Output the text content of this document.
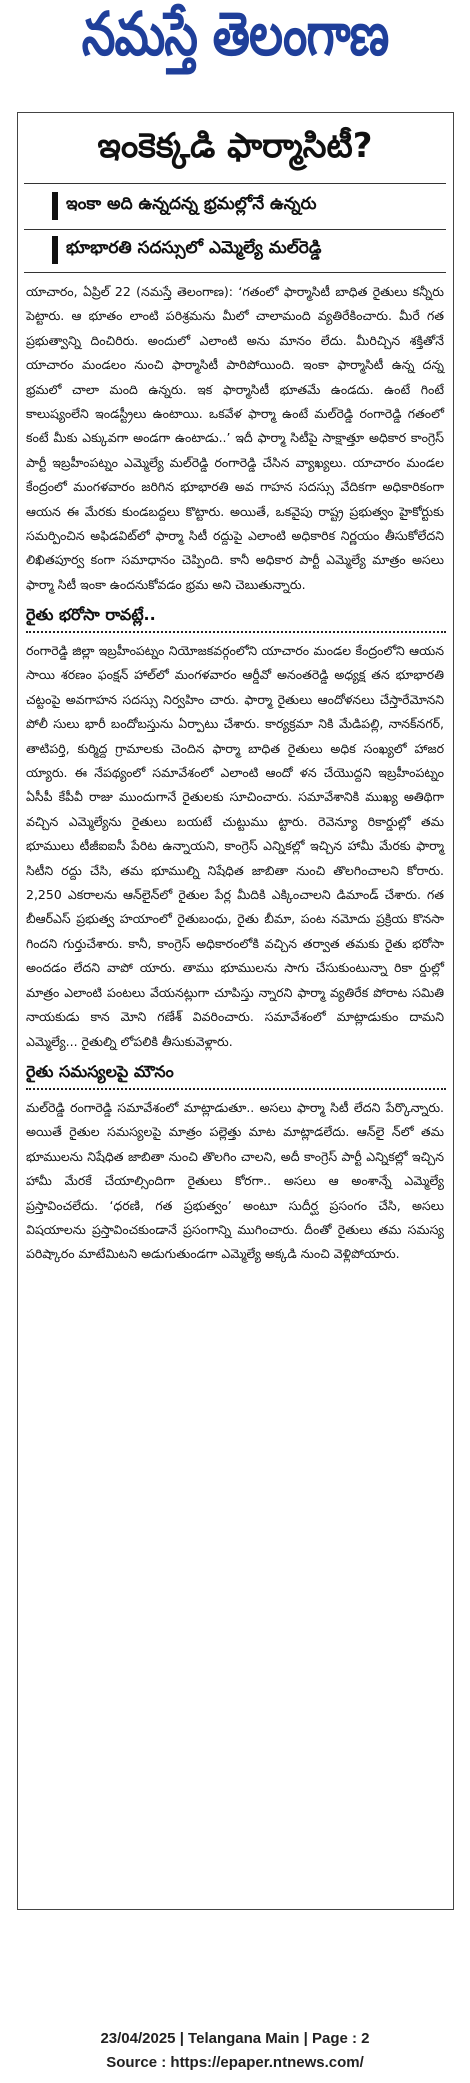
నమస్తే తెలంగాణ
ఇంకెక్కడి ఫార్మాసిటీ?
ఇంకా అది ఉన్నదన్న భ్రమల్లోనే ఉన్నరు
భూభారతి సదస్సులో ఎమ్మెల్యే మల్‌రెడ్డి
యాచారం, ఏప్రిల్ 22 (నమస్తే తెలంగాణ): ‘గతంలో ఫార్మాసిటీ బాధిత రైతులు కన్నీరు పెట్టారు. ఆ భూతం లాంటి పరిశ్రమను మీలో చాలామంది వ్యతిరేకించారు. మీరే గత ప్రభుత్వాన్ని దించిరిరు. అందులో ఎలాంటి అను మానం లేదు. మీరిచ్చిన శక్తితోనే యాచారం మండలం నుంచి ఫార్మాసిటీ పారిపోయింది. ఇంకా ఫార్మాసిటీ ఉన్న దన్న భ్రమలో చాలా మంది ఉన్నరు. ఇక ఫార్మాసిటీ భూతమే ఉండదు. ఉంటే గింటే కాలుష్యంలేని ఇండస్ట్రీలు ఉంటాయి. ఒకవేళ ఫార్మా ఉంటే మల్‌రెడ్డి రంగారెడ్డి గతంలో కంటే మీకు ఎక్కువగా అండగా ఉంటాడు..’ ఇదీ ఫార్మా సిటీపై సాక్షాత్తూ అధికార కాంగ్రెస్ పార్టీ ఇబ్రహీంపట్నం ఎమ్మెల్యే మల్‌రెడ్డి రంగారెడ్డి చేసిన వ్యాఖ్యలు. యాచారం మండల కేంద్రంలో మంగళవారం జరిగిన భూభారతి అవ గాహన సదస్సు వేదికగా అధికారికంగా ఆయన ఈ మేరకు కుండబద్దలు కొట్టారు. అయితే, ఒకవైపు రాష్ట్ర ప్రభుత్వం హైకోర్టుకు సమర్పించిన అఫిడవిట్‌లో ఫార్మా సిటీ రద్దుపై ఎలాంటి అధికారిక నిర్ణయం తీసుకోలేదని లిఖితపూర్వ కంగా సమాధానం చెప్పింది. కానీ అధికార పార్టీ ఎమ్మెల్యే మాత్రం అసలు ఫార్మా సిటీ ఇంకా ఉందనుకోవడం భ్రమ అని చెబుతున్నారు.
రైతు భరోసా రావట్లే..
రంగారెడ్డి జిల్లా ఇబ్రహీంపట్నం నియోజకవర్గంలోని యాచారం మండల కేంద్రంలోని ఆయన సాయి శరణం ఫంక్షన్ హాల్‌లో మంగళవారం ఆర్డీవో అనంతరెడ్డి అధ్యక్ష తన భూభారతి చట్టంపై అవగాహన సదస్సు నిర్వహిం చారు. ఫార్మా రైతులు ఆందోళనలు చేస్తారేమోనని పోలీ సులు భారీ బందోబస్తును ఏర్పాటు చేశారు. కార్యక్రమా నికి మేడిపల్లి, నానక్‌నగర్, తాటిపర్తి, కుర్మిద్ద గ్రామాలకు చెందిన ఫార్మా బాధిత రైతులు అధిక సంఖ్యలో హాజర య్యారు. ఈ నేపథ్యంలో సమావేశంలో ఎలాంటి ఆందో ళన చేయొద్దని ఇబ్రహీంపట్నం ఏసీపీ కేపీవీ రాజు ముందుగానే రైతులకు సూచించారు. సమావేశానికి ముఖ్య అతిథిగా వచ్చిన ఎమ్మెల్యేను రైతులు బయటే చుట్టుము ట్టారు. రెవెన్యూ రికార్డుల్లో తమ భూములు టీజీఐఐసీ పేరిట ఉన్నాయని, కాంగ్రెస్ ఎన్నికల్లో ఇచ్చిన హామీ మేరకు ఫార్మా సిటీని రద్దు చేసి, తమ భూముల్ని నిషేధిత జాబితా నుంచి తొలగించాలని కోరారు. 2,250 ఎకరాలను ఆన్‌లైన్‌లో రైతుల పేర్ల మీదికి ఎక్కించాలని డిమాండ్ చేశారు. గత బీఆర్ఎస్ ప్రభుత్వ హయాంలో రైతుబంధు, రైతు బీమా, పంట నమోదు ప్రక్రియ కొనసా గిందని గుర్తుచేశారు. కానీ, కాంగ్రెస్ అధికారంలోకి వచ్చిన తర్వాత తమకు రైతు భరోసా అందడం లేదని వాపో యారు. తాము భూములను సాగు చేసుకుంటున్నా రికా ర్డుల్లో మాత్రం ఎలాంటి పంటలు వేయనట్లుగా చూపిస్తు న్నారని ఫార్మా వ్యతిరేక పోరాట సమితి నాయకుడు కాన మోని గణేశ్ వివరించారు. సమావేశంలో మాట్లాడుకుం దామని ఎమ్మెల్యే... రైతుల్ని లోపలికి తీసుకువెళ్లారు.
రైతు సమస్యలపై మౌనం
23/04/2025 | Telangana Main | Page : 2
Source : https://epaper.ntnews.com/
మల్‌రెడ్డి రంగారెడ్డి సమావేశంలో మాట్లాడుతూ.. అసలు ఫార్మా సిటీ లేదని పేర్కొన్నారు. అయితే రైతుల సమస్యలపై మాత్రం పల్లెత్తు మాట మాట్లాడలేదు. ఆన్‌లై న్‌లో తమ భూములను నిషేధిత జాబితా నుంచి తొలగిం చాలని, అదీ కాంగ్రెస్ పార్టీ ఎన్నికల్లో ఇచ్చిన హామీ మేరకే చేయాల్సిందిగా రైతులు కోరగా.. అసలు ఆ అంశాన్నే ఎమ్మెల్యే ప్రస్తావించలేదు. ‘ధరణి, గత ప్రభుత్వం’ అంటూ సుదీర్ఘ ప్రసంగం చేసి, అసలు విషయాలను ప్రస్తావించకుండానే ప్రసంగాన్ని ముగించారు. దీంతో రైతులు తమ సమస్య పరిష్కారం మాటేమిటని అడుగుతుండగా ఎమ్మెల్యే అక్కడి నుంచి వెళ్లిపోయారు.
